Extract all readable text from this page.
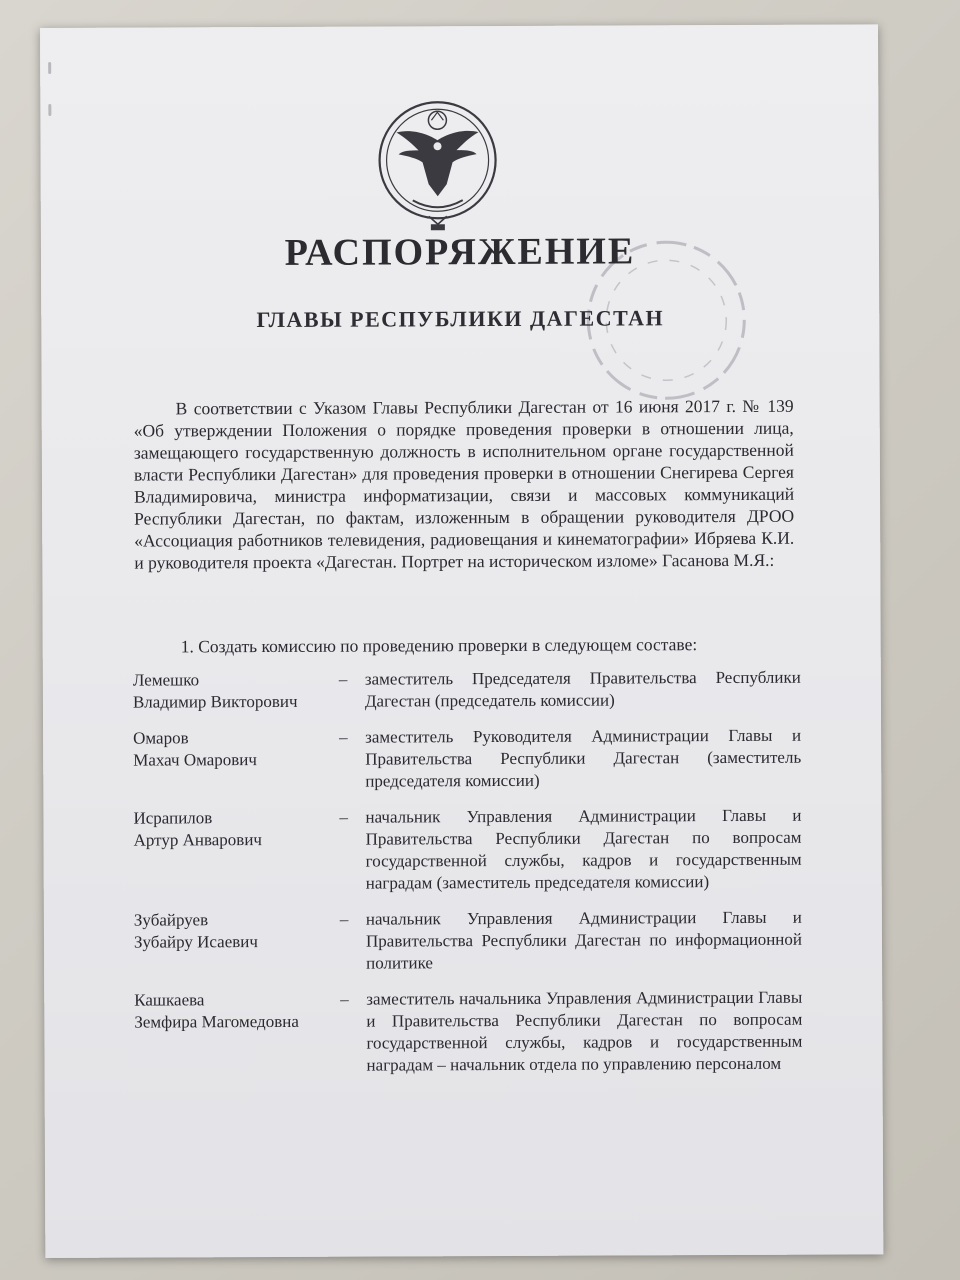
РАСПОРЯЖЕНИЕ
ГЛАВЫ РЕСПУБЛИКИ ДАГЕСТАН
В соответствии с Указом Главы Республики Дагестан от 16 июня 2017 г. № 139 «Об утверждении Положения о порядке проведения проверки в отношении лица, замещающего государственную должность в исполнительном органе государственной власти Республики Дагестан» для проведения проверки в отношении Снегирева Сергея Владимировича, министра информатизации, связи и массовых коммуникаций Республики Дагестан, по фактам, изложенным в обращении руководителя ДРОО «Ассоциация работников телевидения, радиовещания и кинематографии» Ибряева К.И. и руководителя проекта «Дагестан. Портрет на историческом изломе» Гасанова М.Я.:
1. Создать комиссию по проведению проверки в следующем составе:
Лемешко
Владимир Викторович
–	заместитель Председателя Правительства Республики Дагестан (председатель комиссии)
Омаров
Махач Омарович
–	заместитель Руководителя Администрации Главы и Правительства Республики Дагестан (заместитель председателя комиссии)
Исрапилов
Артур Анварович
–	начальник Управления Администрации Главы и Правительства Республики Дагестан по вопросам государственной службы, кадров и государственным наградам (заместитель председателя комиссии)
Зубайруев
Зубайру Исаевич
–	начальник Управления Администрации Главы и Правительства Республики Дагестан по информационной политике
Кашкаева
Земфира Магомедовна
–	заместитель начальника Управления Администрации Главы и Правительства Республики Дагестан по вопросам государственной службы, кадров и государственным наградам – начальник отдела по управлению персоналом
